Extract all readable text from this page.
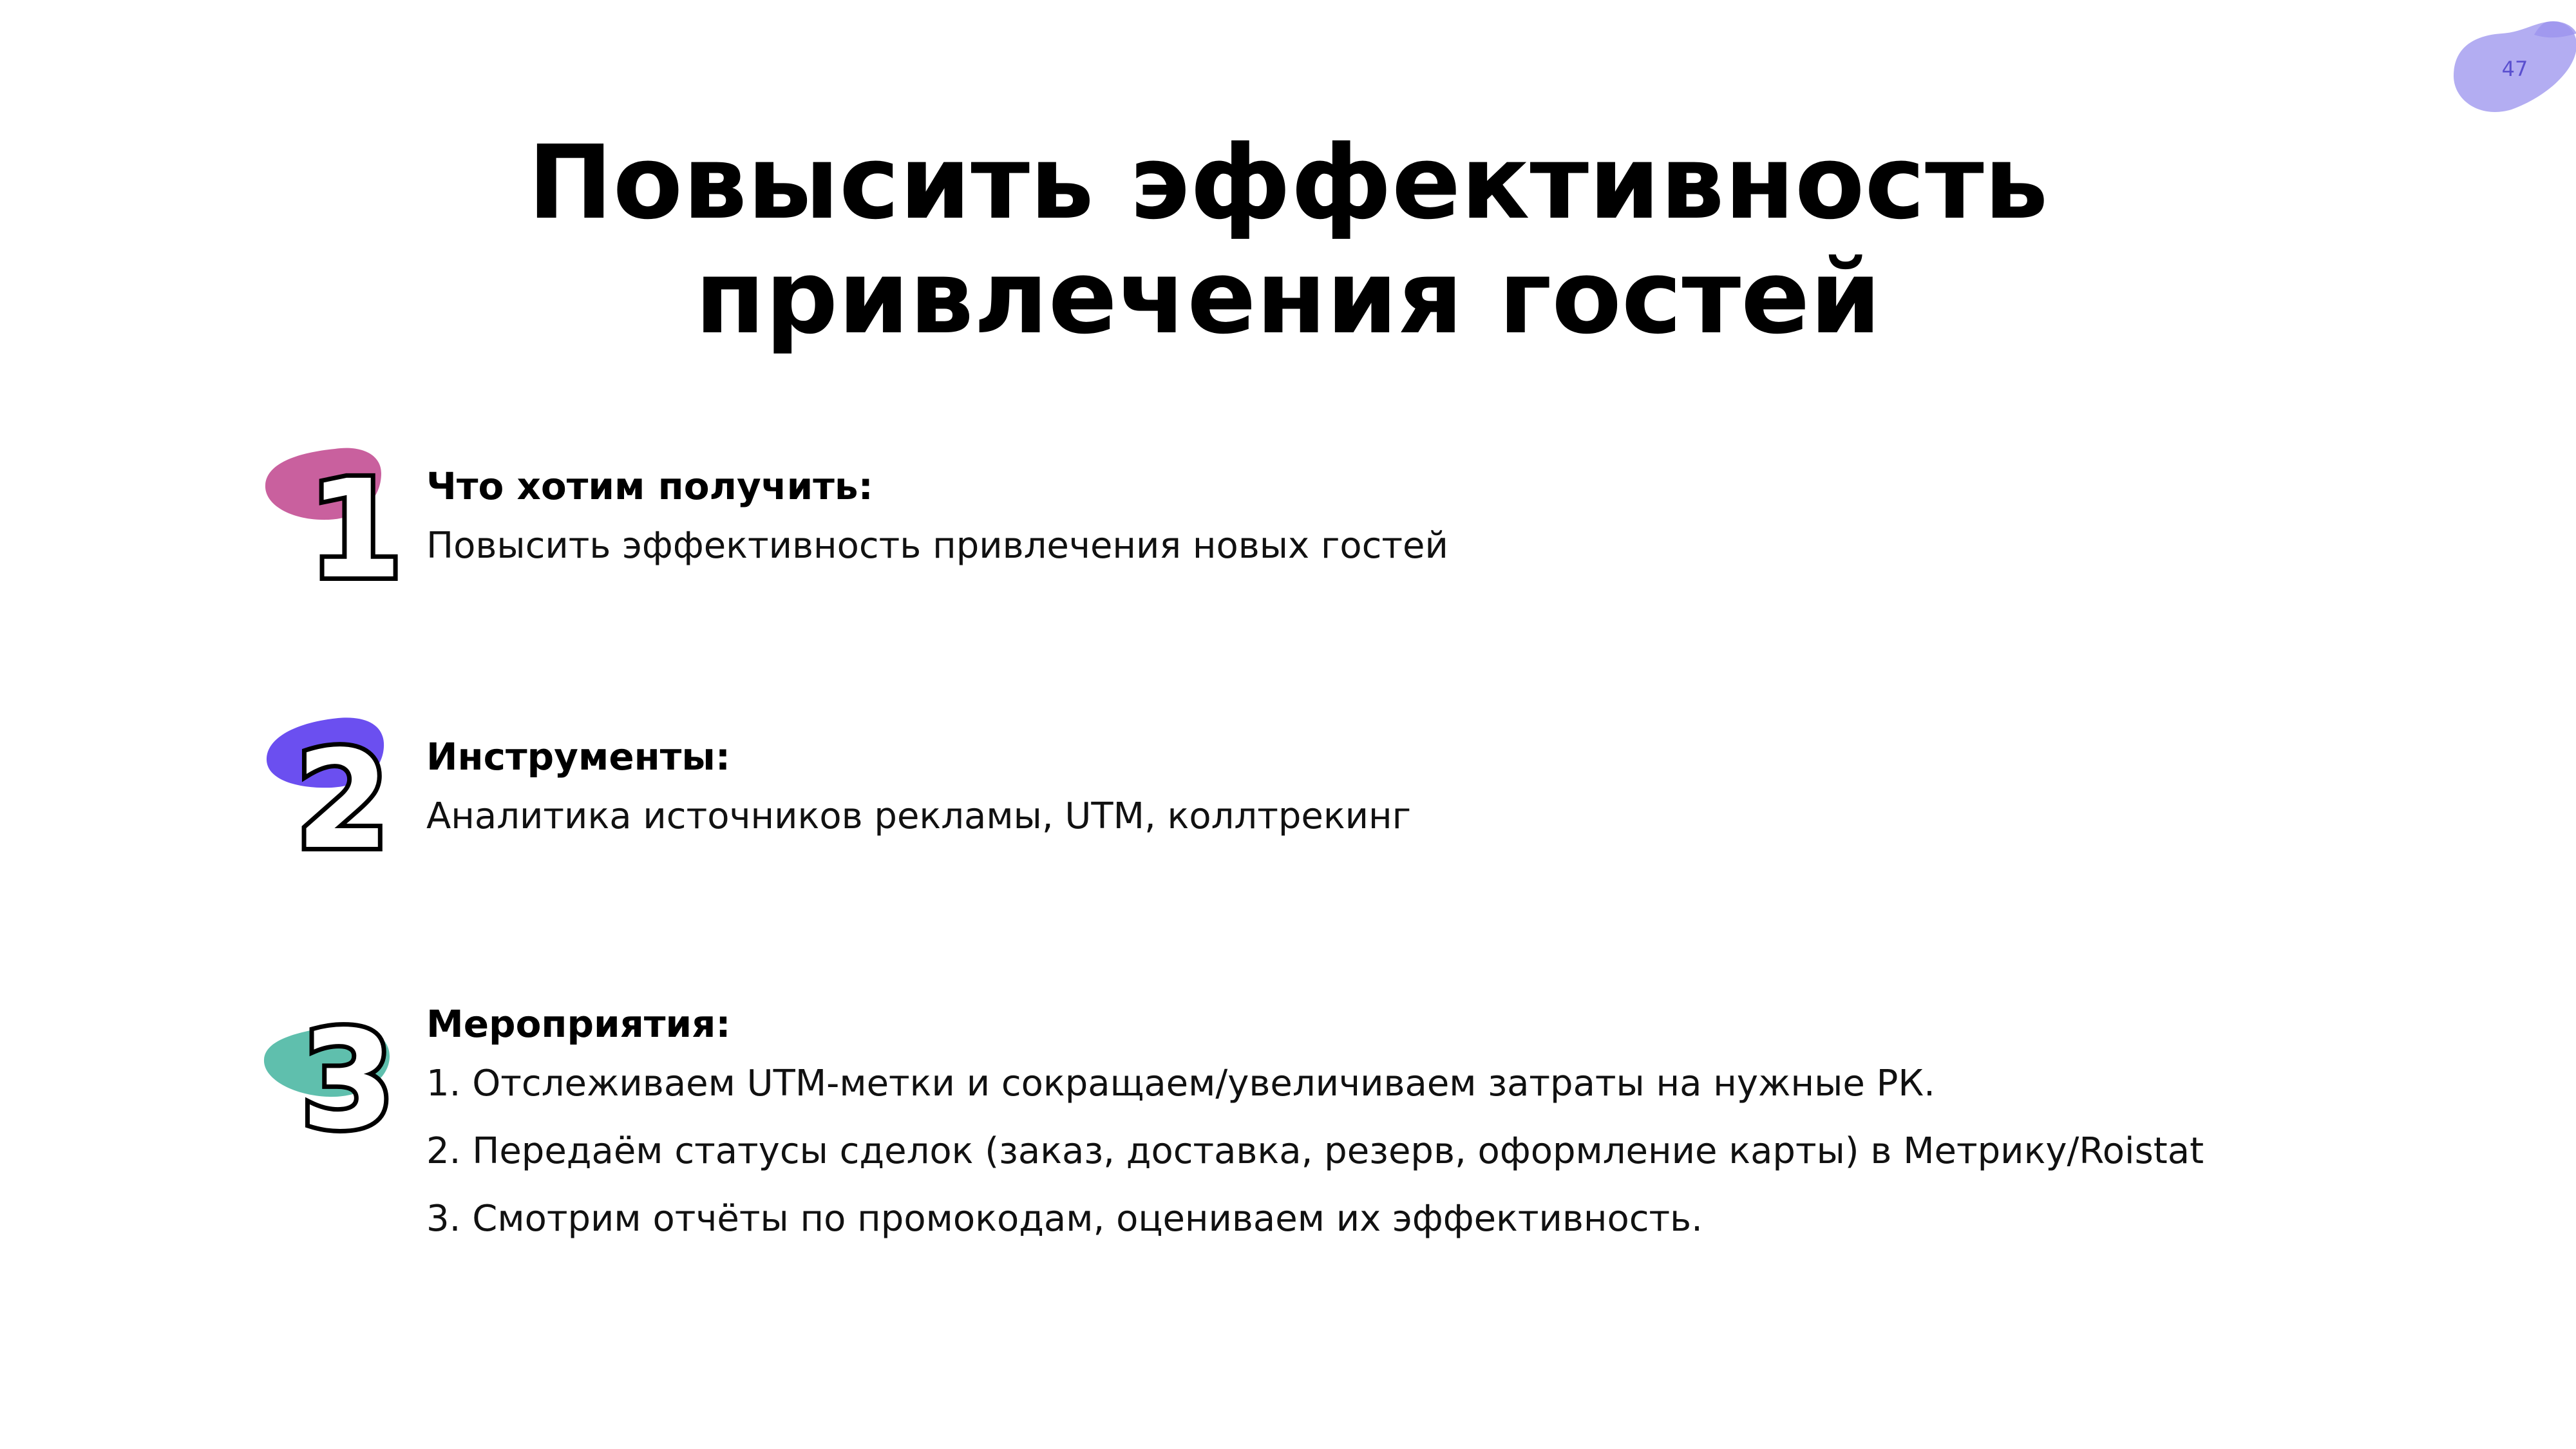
47
Повысить эффективность
привлечения гостей
1 Что хотим получить:
Повысить эффективность привлечения новых гостей
2 Инструменты:
Аналитика источников рекламы, UTM, коллтрекинг
3 Мероприятия:
1. Отслеживаем UTM-метки и сокращаем/увеличиваем затраты на нужные РК.
2. Передаём статусы сделок (заказ, доставка, резерв, оформление карты) в Метрику/Roistat
3. Смотрим отчёты по промокодам, оцениваем их эффективность.
